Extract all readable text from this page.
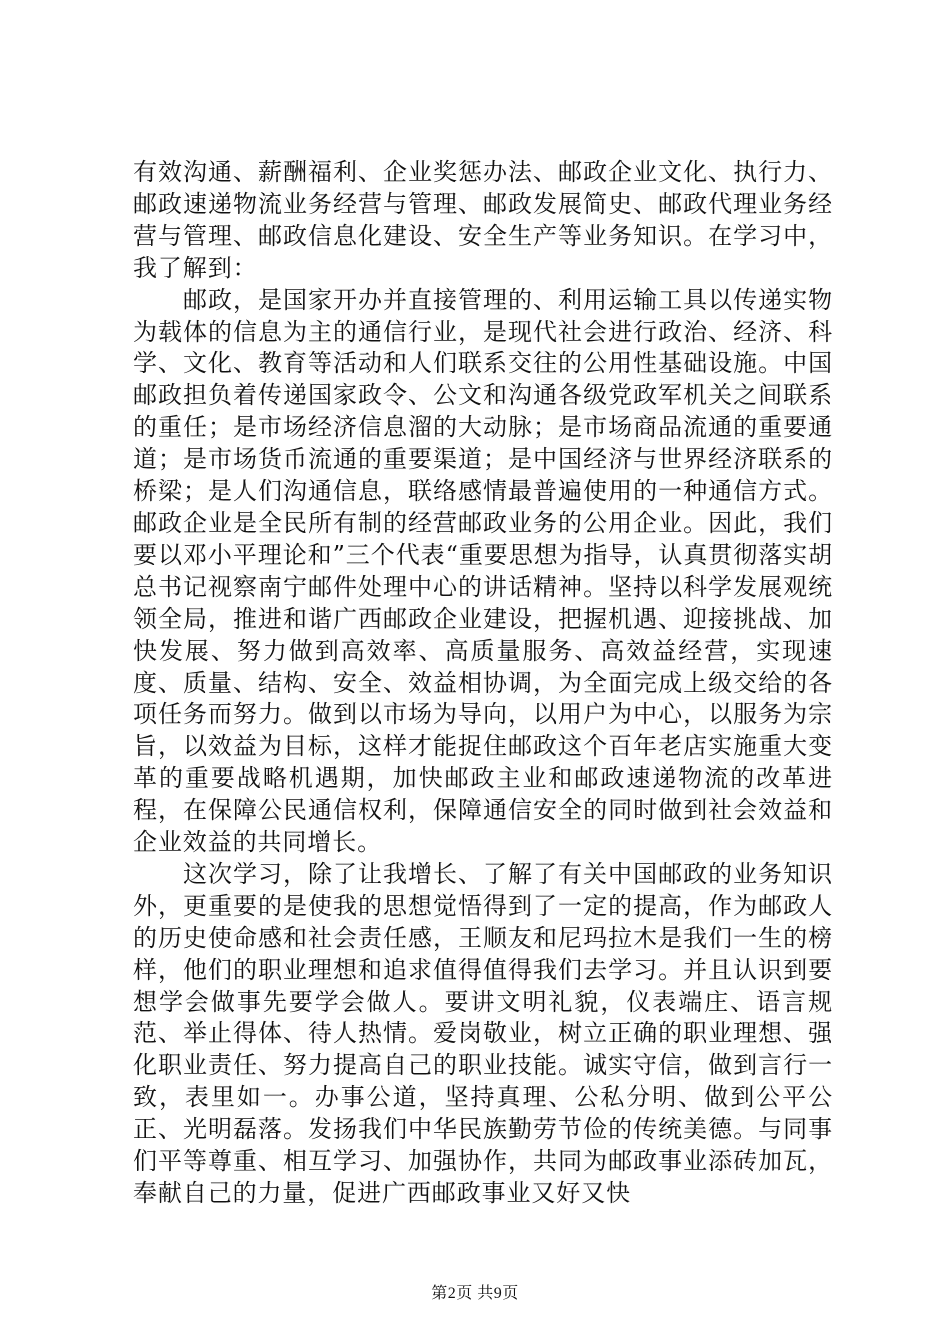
有效沟通、薪酬福利、企业奖惩办法、邮政企业文化、执行力、邮政速递物流业务经营与管理、邮政发展简史、邮政代理业务经营与管理、邮政信息化建设、安全生产等业务知识。在学习中，我了解到：

邮政，是国家开办并直接管理的、利用运输工具以传递实物为载体的信息为主的通信行业，是现代社会进行政治、经济、科学、文化、教育等活动和人们联系交往的公用性基础设施。中国邮政担负着传递国家政令、公文和沟通各级党政军机关之间联系的重任；是市场经济信息溜的大动脉；是市场商品流通的重要通道；是市场货币流通的重要渠道；是中国经济与世界经济联系的桥梁；是人们沟通信息，联络感情最普遍使用的一种通信方式。邮政企业是全民所有制的经营邮政业务的公用企业。因此，我们要以邓小平理论和”三个代表“重要思想为指导，认真贯彻落实胡总书记视察南宁邮件处理中心的讲话精神。坚持以科学发展观统领全局，推进和谐广西邮政企业建设，把握机遇、迎接挑战、加快发展、努力做到高效率、高质量服务、高效益经营，实现速度、质量、结构、安全、效益相协调，为全面完成上级交给的各项任务而努力。做到以市场为导向，以用户为中心，以服务为宗旨，以效益为目标，这样才能捉住邮政这个百年老店实施重大变革的重要战略机遇期，加快邮政主业和邮政速递物流的改革进程，在保障公民通信权利，保障通信安全的同时做到社会效益和企业效益的共同增长。

这次学习，除了让我增长、了解了有关中国邮政的业务知识外，更重要的是使我的思想觉悟得到了一定的提高，作为邮政人的历史使命感和社会责任感，王顺友和尼玛拉木是我们一生的榜样，他们的职业理想和追求值得值得我们去学习。并且认识到要想学会做事先要学会做人。要讲文明礼貌，仪表端庄、语言规范、举止得体、待人热情。爱岗敬业，树立正确的职业理想、强化职业责任、努力提高自己的职业技能。诚实守信，做到言行一致，表里如一。办事公道，坚持真理、公私分明、做到公平公正、光明磊落。发扬我们中华民族勤劳节俭的传统美德。与同事们平等尊重、相互学习、加强协作，共同为邮政事业添砖加瓦，奉献自己的力量，促进广西邮政事业又好又快

第2页 共9页
